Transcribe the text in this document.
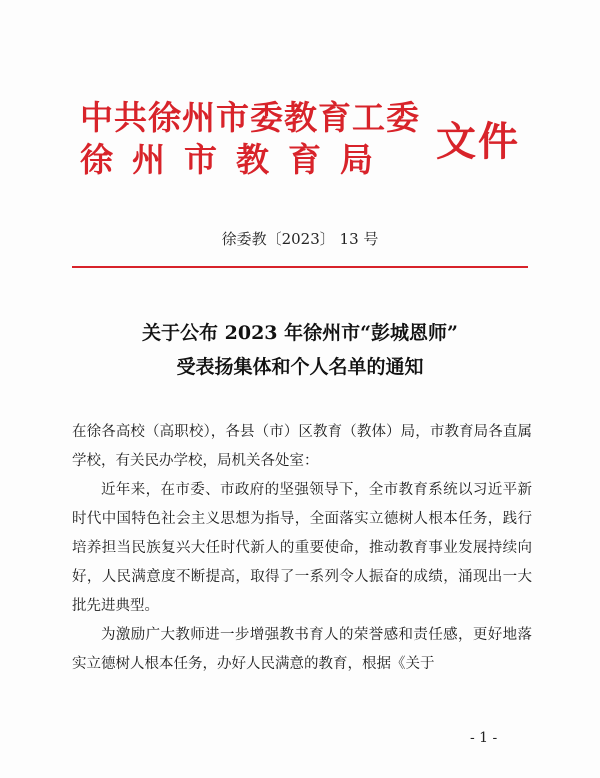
中共徐州市委教育工委
徐州市教育局 文件
徐委教〔2023〕 13 号
关于公布 2023 年徐州市“彭城恩师”
受表扬集体和个人名单的通知

在徐各高校（高职校），各县（市）区教育（教体）局，市教育局各直属学校，有关民办学校，局机关各处室：

近年来，在市委、市政府的坚强领导下，全市教育系统以习近平新时代中国特色社会主义思想为指导，全面落实立德树人根本任务，践行培养担当民族复兴大任时代新人的重要使命，推动教育事业发展持续向好，人民满意度不断提高，取得了一系列令人振奋的成绩，涌现出一大批先进典型。

为激励广大教师进一步增强教书育人的荣誉感和责任感，更好地落实立德树人根本任务，办好人民满意的教育，根据《关于

- 1 -
